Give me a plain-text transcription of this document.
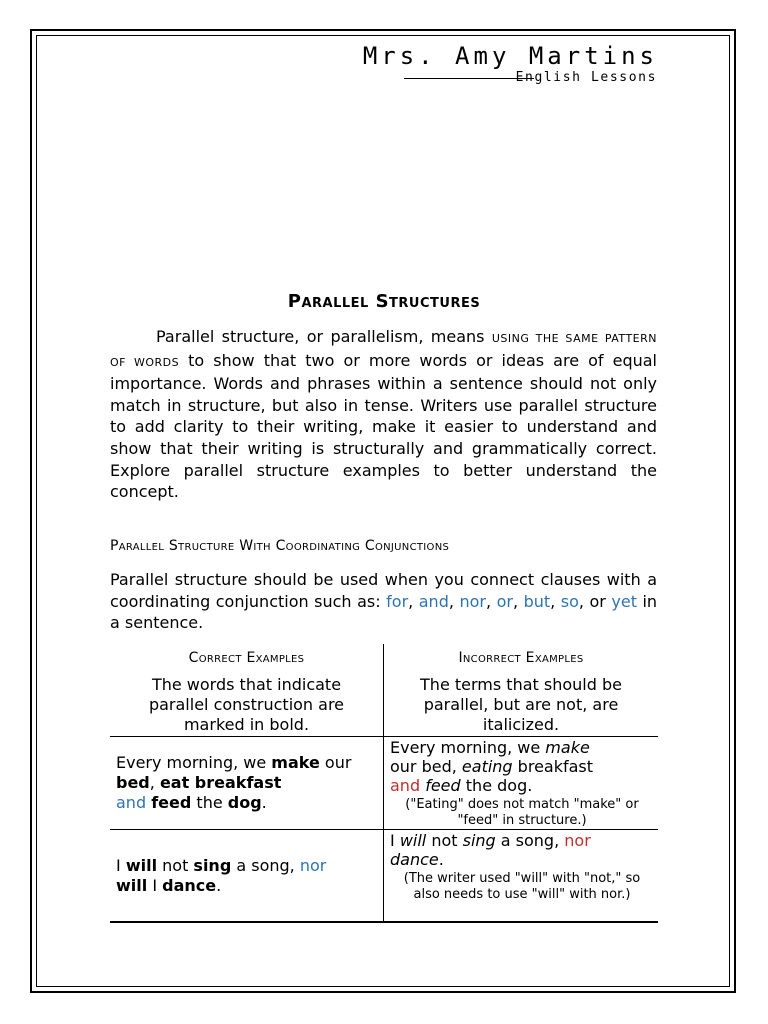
Mrs. Amy Martins
English Lessons
Parallel Structures
Parallel structure, or parallelism, means USING THE SAME PATTERN OF WORDS to show that two or more words or ideas are of equal importance. Words and phrases within a sentence should not only match in structure, but also in tense. Writers use parallel structure to add clarity to their writing, make it easier to understand and show that their writing is structurally and grammatically correct. Explore parallel structure examples to better understand the concept.
Parallel Structure With Coordinating Conjunctions
Parallel structure should be used when you connect clauses with a coordinating conjunction such as: for, and, nor, or, but, so, or yet in a sentence.
Correct Examples	Incorrect Examples
The words that indicate parallel construction are marked in bold.
The terms that should be parallel, but are not, are italicized.
Every morning, we make our bed, eat breakfast
and feed the dog.
Every morning, we make
our bed, eating breakfast
and feed the dog.
("Eating" does not match "make" or "feed" in structure.)
I will not sing a song, nor
will I dance.
I will not sing a song, nor
dance.
(The writer used "will" with "not," so also needs to use "will" with nor.)
